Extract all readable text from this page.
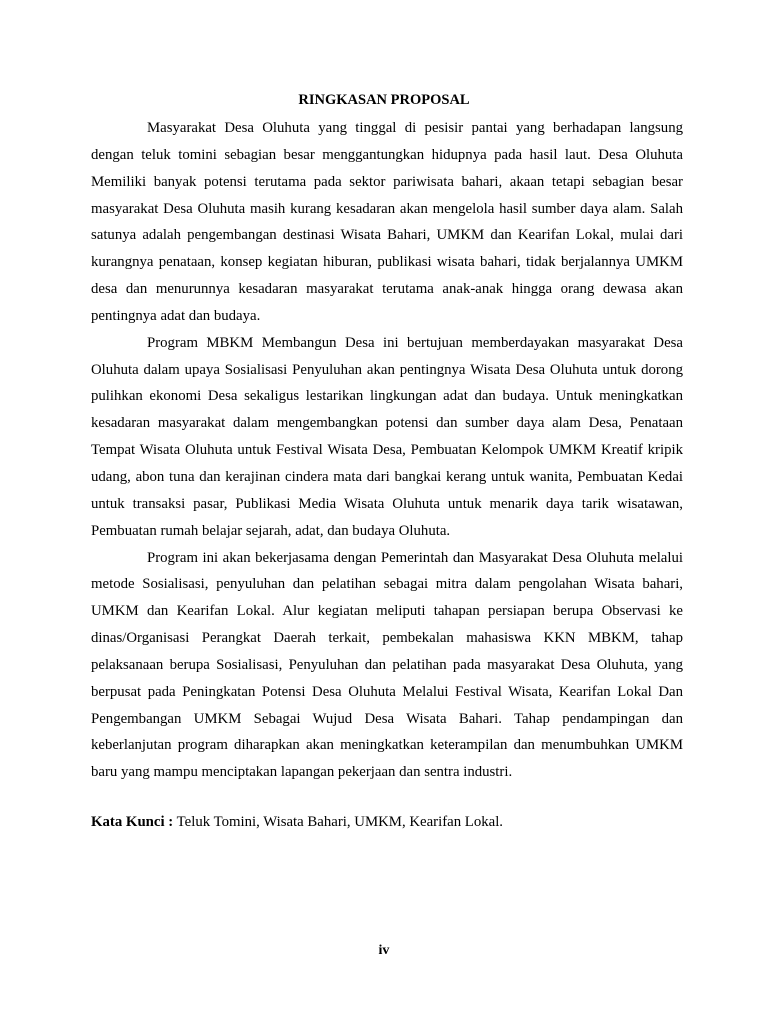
RINGKASAN PROPOSAL

Masyarakat Desa Oluhuta yang tinggal di pesisir pantai yang berhadapan langsung dengan teluk tomini sebagian besar menggantungkan hidupnya pada hasil laut. Desa Oluhuta Memiliki banyak potensi terutama pada sektor pariwisata bahari, akaan tetapi sebagian besar masyarakat Desa Oluhuta masih kurang kesadaran akan mengelola hasil sumber daya alam. Salah satunya adalah pengembangan destinasi Wisata Bahari, UMKM dan Kearifan Lokal, mulai dari kurangnya penataan, konsep kegiatan hiburan, publikasi wisata bahari, tidak berjalannya UMKM desa dan menurunnya kesadaran masyarakat terutama anak-anak hingga orang dewasa akan pentingnya adat dan budaya.

Program MBKM Membangun Desa ini bertujuan memberdayakan masyarakat Desa Oluhuta dalam upaya Sosialisasi Penyuluhan akan pentingnya Wisata Desa Oluhuta untuk dorong pulihkan ekonomi Desa sekaligus lestarikan lingkungan adat dan budaya. Untuk meningkatkan kesadaran masyarakat dalam mengembangkan potensi dan sumber daya alam Desa, Penataan Tempat Wisata Oluhuta untuk Festival Wisata Desa, Pembuatan Kelompok UMKM Kreatif kripik udang, abon tuna dan kerajinan cindera mata dari bangkai kerang untuk wanita, Pembuatan Kedai untuk transaksi pasar, Publikasi Media Wisata Oluhuta untuk menarik daya tarik wisatawan, Pembuatan rumah belajar sejarah, adat, dan budaya Oluhuta.

Program ini akan bekerjasama dengan Pemerintah dan Masyarakat Desa Oluhuta melalui metode Sosialisasi, penyuluhan dan pelatihan sebagai mitra dalam pengolahan Wisata bahari, UMKM dan Kearifan Lokal. Alur kegiatan meliputi tahapan persiapan berupa Observasi ke dinas/Organisasi Perangkat Daerah terkait, pembekalan mahasiswa KKN MBKM, tahap pelaksanaan berupa Sosialisasi, Penyuluhan dan pelatihan pada masyarakat Desa Oluhuta, yang berpusat pada Peningkatan Potensi Desa Oluhuta Melalui Festival Wisata, Kearifan Lokal Dan Pengembangan UMKM Sebagai Wujud Desa Wisata Bahari. Tahap pendampingan dan keberlanjutan program diharapkan akan meningkatkan keterampilan dan menumbuhkan UMKM baru yang mampu menciptakan lapangan pekerjaan dan sentra industri.

Kata Kunci : Teluk Tomini, Wisata Bahari, UMKM, Kearifan Lokal.

iv
